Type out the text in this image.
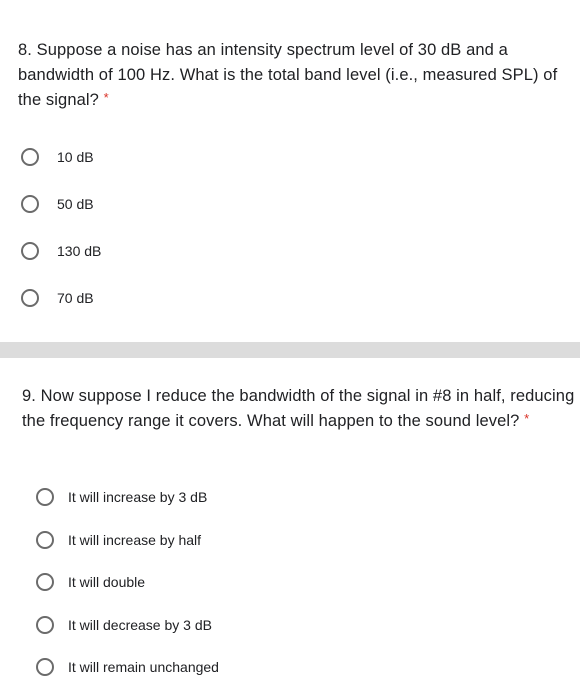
8. Suppose a noise has an intensity spectrum level of 30 dB and a bandwidth of 100 Hz. What is the total band level (i.e., measured SPL) of the signal? *

10 dB
50 dB
130 dB
70 dB

9. Now suppose I reduce the bandwidth of the signal in #8 in half, reducing the frequency range it covers. What will happen to the sound level? *

It will increase by 3 dB
It will increase by half
It will double
It will decrease by 3 dB
It will remain unchanged
